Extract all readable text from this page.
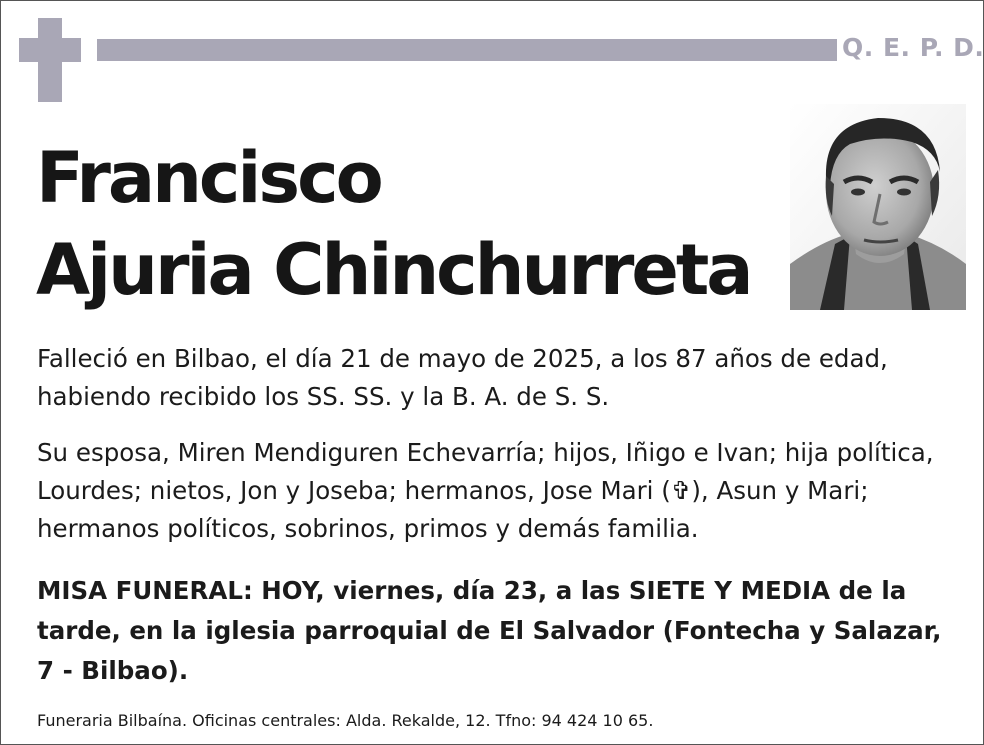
Q. E. P. D.
Francisco
Ajuria Chinchurreta

Falleció en Bilbao, el día 21 de mayo de 2025, a los 87 años de edad, habiendo recibido los SS. SS. y la B. A. de S. S.

Su esposa, Miren Mendiguren Echevarría; hijos, Iñigo e Ivan; hija política, Lourdes; nietos, Jon y Joseba; hermanos, Jose Mari (✞), Asun y Mari; hermanos políticos, sobrinos, primos y demás familia.

MISA FUNERAL: HOY, viernes, día 23, a las SIETE Y MEDIA de la tarde, en la iglesia parroquial de El Salvador (Fontecha y Salazar, 7 - Bilbao).

Funeraria Bilbaína. Oficinas centrales: Alda. Rekalde, 12. Tfno: 94 424 10 65.
